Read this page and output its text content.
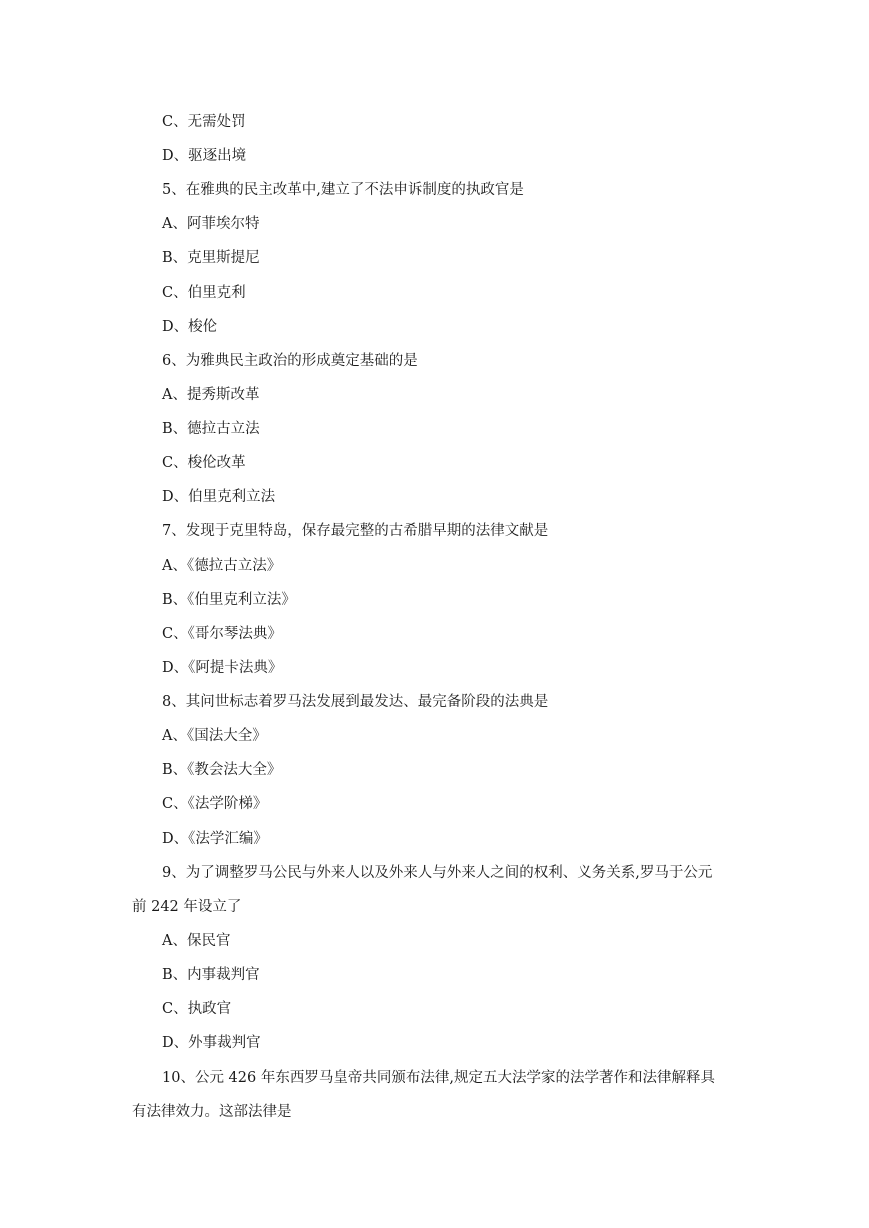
C、无需处罚
D、驱逐出境
5、在雅典的民主改革中,建立了不法申诉制度的执政官是
A、阿菲埃尔特
B、克里斯提尼
C、伯里克利
D、梭伦
6、为雅典民主政治的形成奠定基础的是
A、提秀斯改革
B、德拉古立法
C、梭伦改革
D、伯里克利立法
7、发现于克里特岛，保存最完整的古希腊早期的法律文献是
A、《德拉古立法》
B、《伯里克利立法》
C、《哥尔琴法典》
D、《阿提卡法典》
8、其问世标志着罗马法发展到最发达、最完备阶段的法典是
A、《国法大全》
B、《教会法大全》
C、《法学阶梯》
D、《法学汇编》
9、为了调整罗马公民与外来人以及外来人与外来人之间的权利、义务关系,罗马于公元
前 242 年设立了
A、保民官
B、内事裁判官
C、执政官
D、外事裁判官
10、公元 426 年东西罗马皇帝共同颁布法律,规定五大法学家的法学著作和法律解释具
有法律效力。这部法律是
